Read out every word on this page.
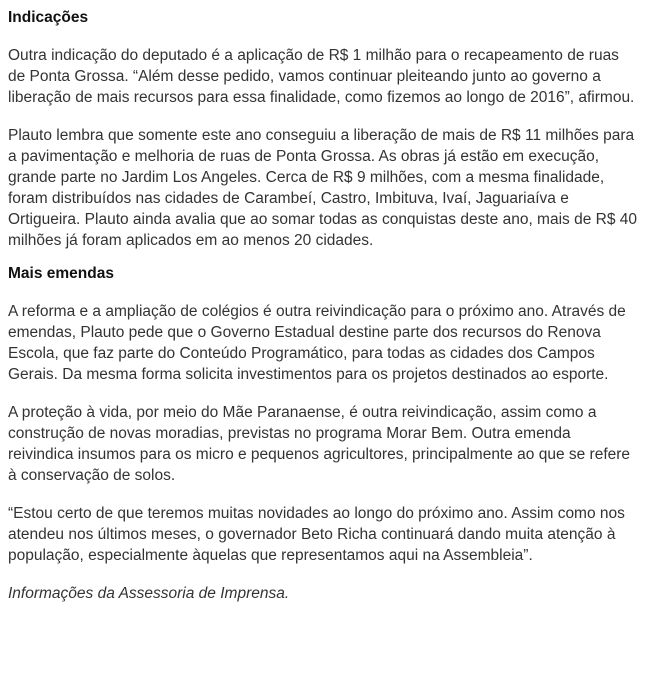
Indicações

Outra indicação do deputado é a aplicação de R$ 1 milhão para o recapeamento de ruas de Ponta Grossa. “Além desse pedido, vamos continuar pleiteando junto ao governo a liberação de mais recursos para essa finalidade, como fizemos ao longo de 2016”, afirmou.

Plauto lembra que somente este ano conseguiu a liberação de mais de R$ 11 milhões para a pavimentação e melhoria de ruas de Ponta Grossa. As obras já estão em execução, grande parte no Jardim Los Angeles. Cerca de R$ 9 milhões, com a mesma finalidade, foram distribuídos nas cidades de Carambeí, Castro, Imbituva, Ivaí, Jaguariaíva e Ortigueira. Plauto ainda avalia que ao somar todas as conquistas deste ano, mais de R$ 40 milhões já foram aplicados em ao menos 20 cidades.

Mais emendas

A reforma e a ampliação de colégios é outra reivindicação para o próximo ano. Através de emendas, Plauto pede que o Governo Estadual destine parte dos recursos do Renova Escola, que faz parte do Conteúdo Programático, para todas as cidades dos Campos Gerais. Da mesma forma solicita investimentos para os projetos destinados ao esporte.

A proteção à vida, por meio do Mãe Paranaense, é outra reivindicação, assim como a construção de novas moradias, previstas no programa Morar Bem. Outra emenda reivindica insumos para os micro e pequenos agricultores, principalmente ao que se refere à conservação de solos.

“Estou certo de que teremos muitas novidades ao longo do próximo ano. Assim como nos atendeu nos últimos meses, o governador Beto Richa continuará dando muita atenção à população, especialmente àquelas que representamos aqui na Assembleia”.

Informações da Assessoria de Imprensa.
